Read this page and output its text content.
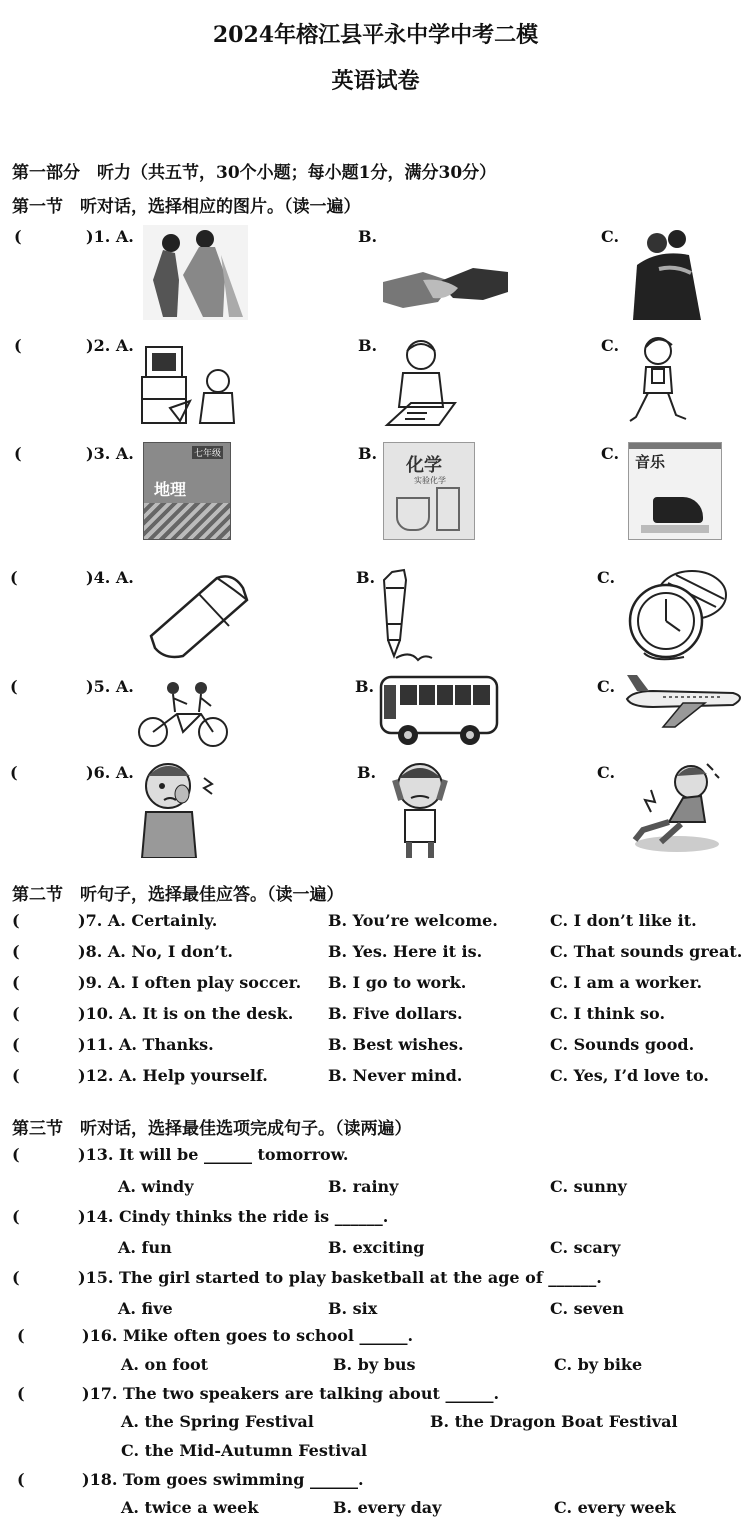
2024年榕江县平永中学中考二模
英语试卷
第一部分　听力（共五节，30个小题；每小题1分，满分30分）
第一节　听对话，选择相应的图片。（读一遍）
(	)1. A.	B.	C.
(	)2. A.	B.	C.
(	)3. A.	B.	C.
七年级
地理
化学
实验化学
音乐
(	)4. A.	B.	C.
(	)5. A.	B.	C.
(	)6. A.	B.	C.
第二节　听句子，选择最佳应答。（读一遍）
(	)7. A. Certainly.	B. You’re welcome.	C. I don’t like it.
(	)8. A. No, I don’t.	B. Yes. Here it is.	C. That sounds great.
(	)9. A. I often play soccer. B. I go to work.	C. I am a worker.
(	)10. A. It is on the desk. B. Five dollars.	C. I think so.
(	)11. A. Thanks.	B. Best wishes.	C. Sounds good.
(	)12. A. Help yourself.	B. Never mind.	C. Yes, I’d love to.
第三节　听对话，选择最佳选项完成句子。（读两遍）
(	)13. It will be ______ tomorrow.
A. windy	B. rainy	C. sunny
(	)14. Cindy thinks the ride is ______.
A. fun	B. exciting	C. scary
(	)15. The girl started to play basketball at the age of ______.
A. five	B. six	C. seven
(	)16. Mike often goes to school ______.
A. on foot	B. by bus	C. by bike
(	)17. The two speakers are talking about ______.
A. the Spring Festival	B. the Dragon Boat Festival
C. the Mid-Autumn Festival
(	)18. Tom goes swimming ______.
A. twice a week	B. every day	C. every week
